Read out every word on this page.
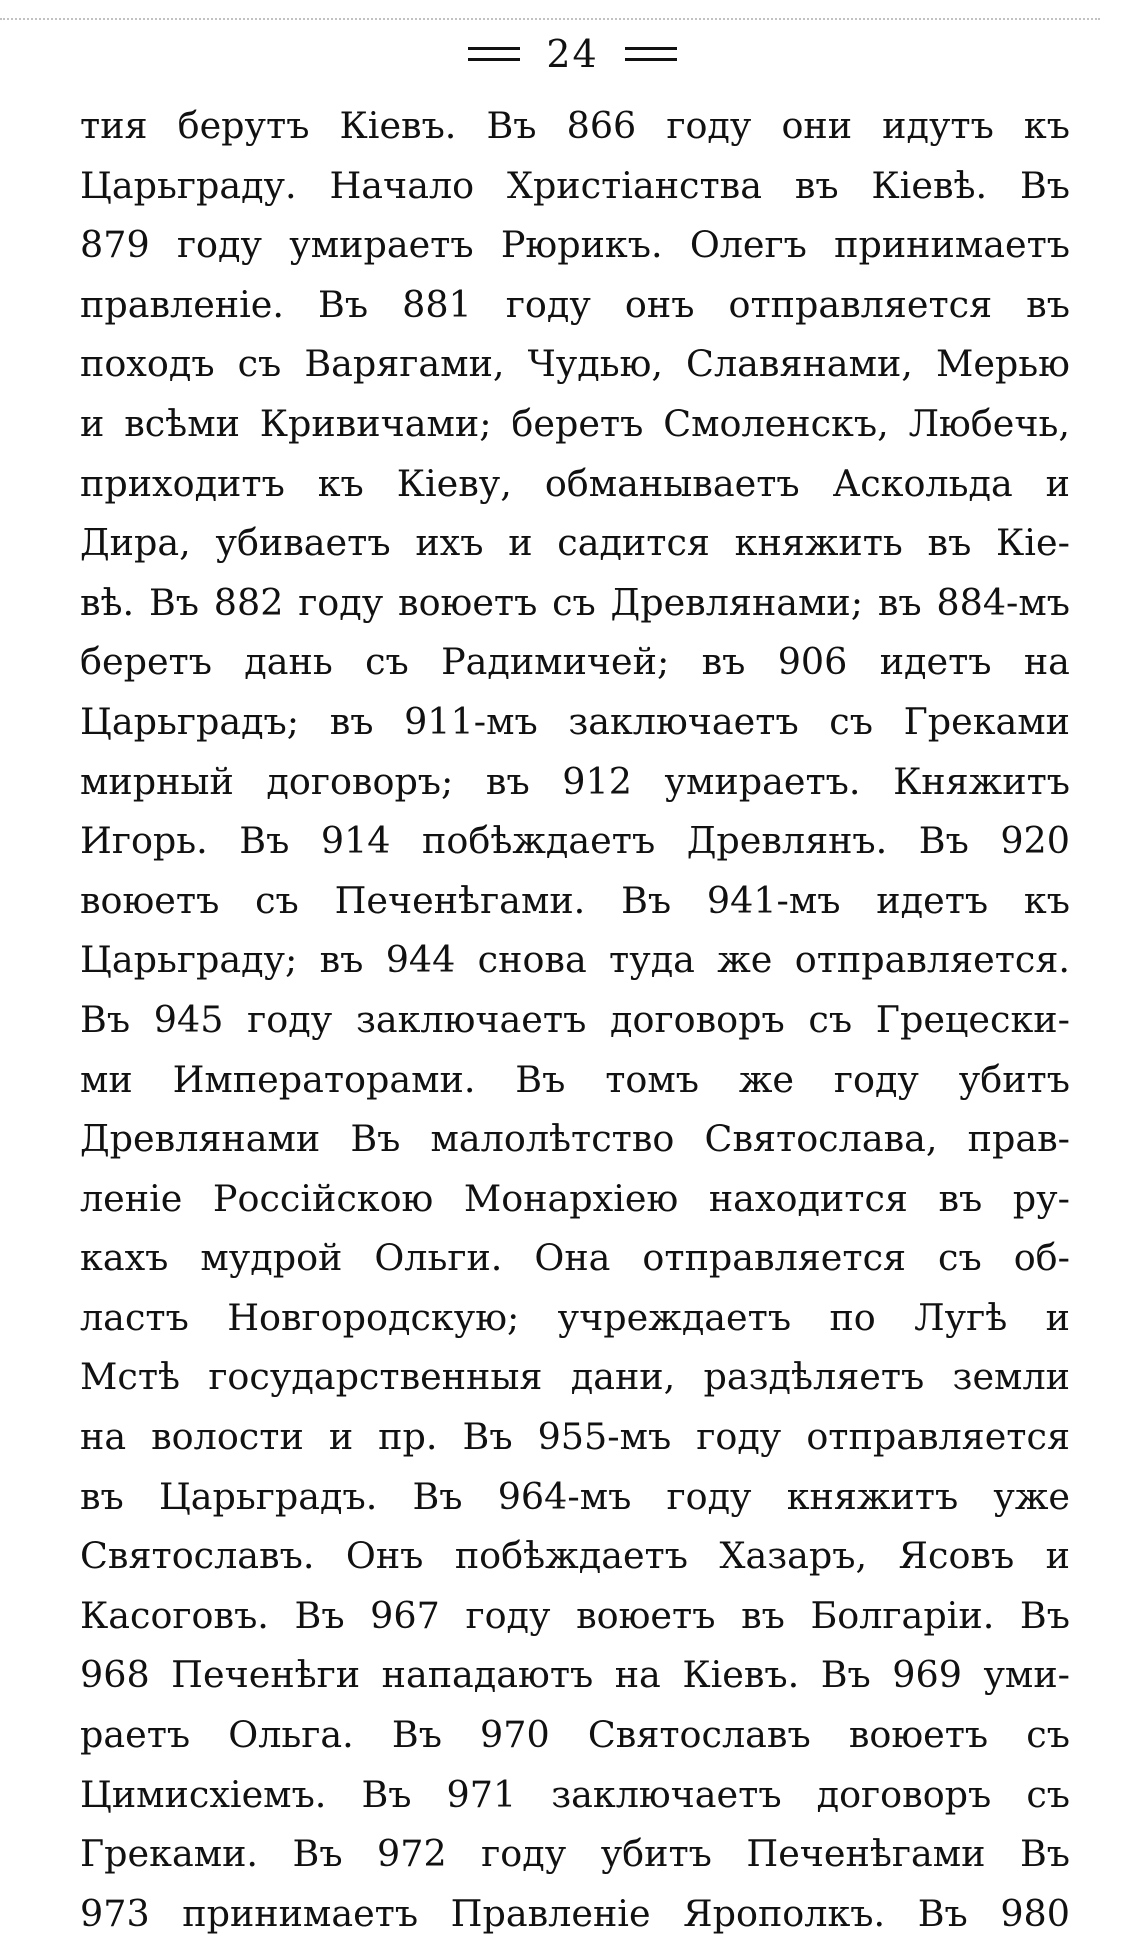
24
тия берутъ Кіевъ. Въ 866 году они идутъ къ
Царьграду. Начало Христіанства въ Кіевѣ. Въ
879 году умираетъ Рюрикъ. Олегъ принимаетъ
правленіе. Въ 881 году онъ отправляется въ
походъ съ Варягами, Чудью, Славянами, Мерью
и всѣми Кривичами; беретъ Смоленскъ, Любечь,
приходитъ къ Кіеву, обманываетъ Аскольда и
Дира, убиваетъ ихъ и садится княжить въ Кіе-
вѣ. Въ 882 году воюетъ съ Древлянами; въ 884-мъ
беретъ дань съ Радимичей; въ 906 идетъ на
Царьградъ; въ 911-мъ заключаетъ съ Греками
мирный договоръ; въ 912 умираетъ. Княжитъ
Игорь. Въ 914 побѣждаетъ Древлянъ. Въ 920
воюетъ съ Печенѣгами. Въ 941-мъ идетъ къ
Царьграду; въ 944 снова туда же отправляется.
Въ 945 году заключаетъ договоръ съ Грецески-
ми Императорами. Въ томъ же году убитъ
Древлянами Въ малолѣтство Святослава, прав-
леніе Россійскою Монархіею находится въ ру-
кахъ мудрой Ольги. Она отправляется съ об-
ластъ Новгородскую; учреждаетъ по Лугѣ и
Мстѣ государственныя дани, раздѣляетъ земли
на волости и пр. Въ 955-мъ году отправляется
въ Царьградъ. Въ 964-мъ году княжитъ уже
Святославъ. Онъ побѣждаетъ Хазаръ, Ясовъ и
Касоговъ. Въ 967 году воюетъ въ Болгаріи. Въ
968 Печенѣги нападаютъ на Кіевъ. Въ 969 уми-
раетъ Ольга. Въ 970 Святославъ воюетъ съ
Цимисхіемъ. Въ 971 заключаетъ договоръ съ
Греками. Въ 972 году убитъ Печенѣгами Въ
973 принимаетъ Правленіе Ярополкъ. Въ 980
